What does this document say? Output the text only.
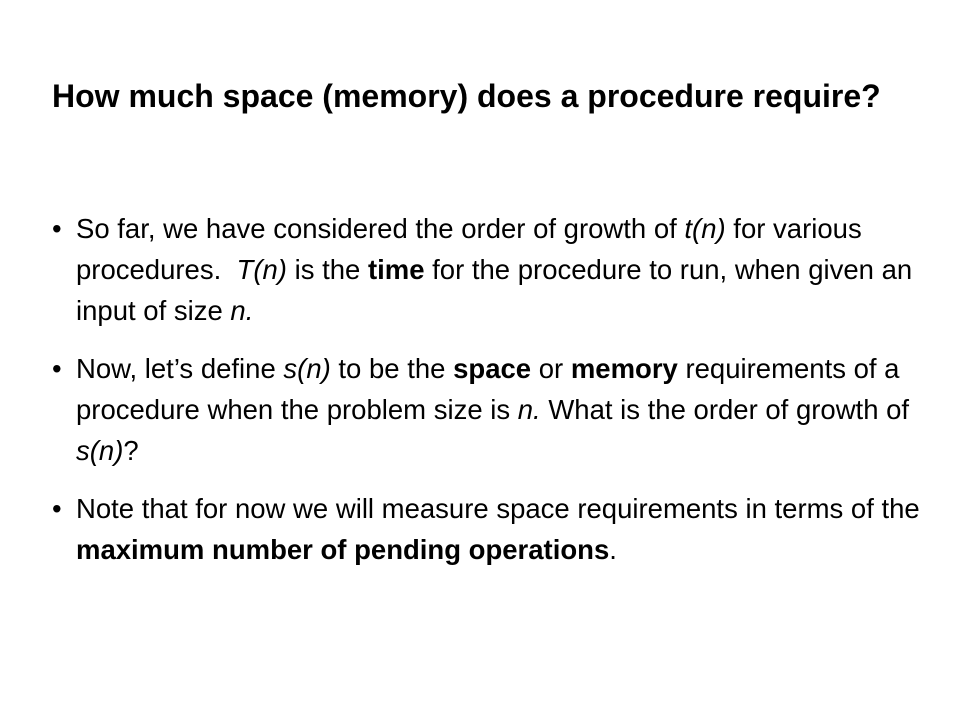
How much space (memory) does a procedure require?
• So far, we have considered the order of growth of t(n) for various procedures.  T(n) is the time for the procedure to run, when given an input of size n.
• Now, let’s define s(n) to be the space or memory requirements of a procedure when the problem size is n. What is the order of growth of s(n)?
• Note that for now we will measure space requirements in terms of the maximum number of pending operations.
